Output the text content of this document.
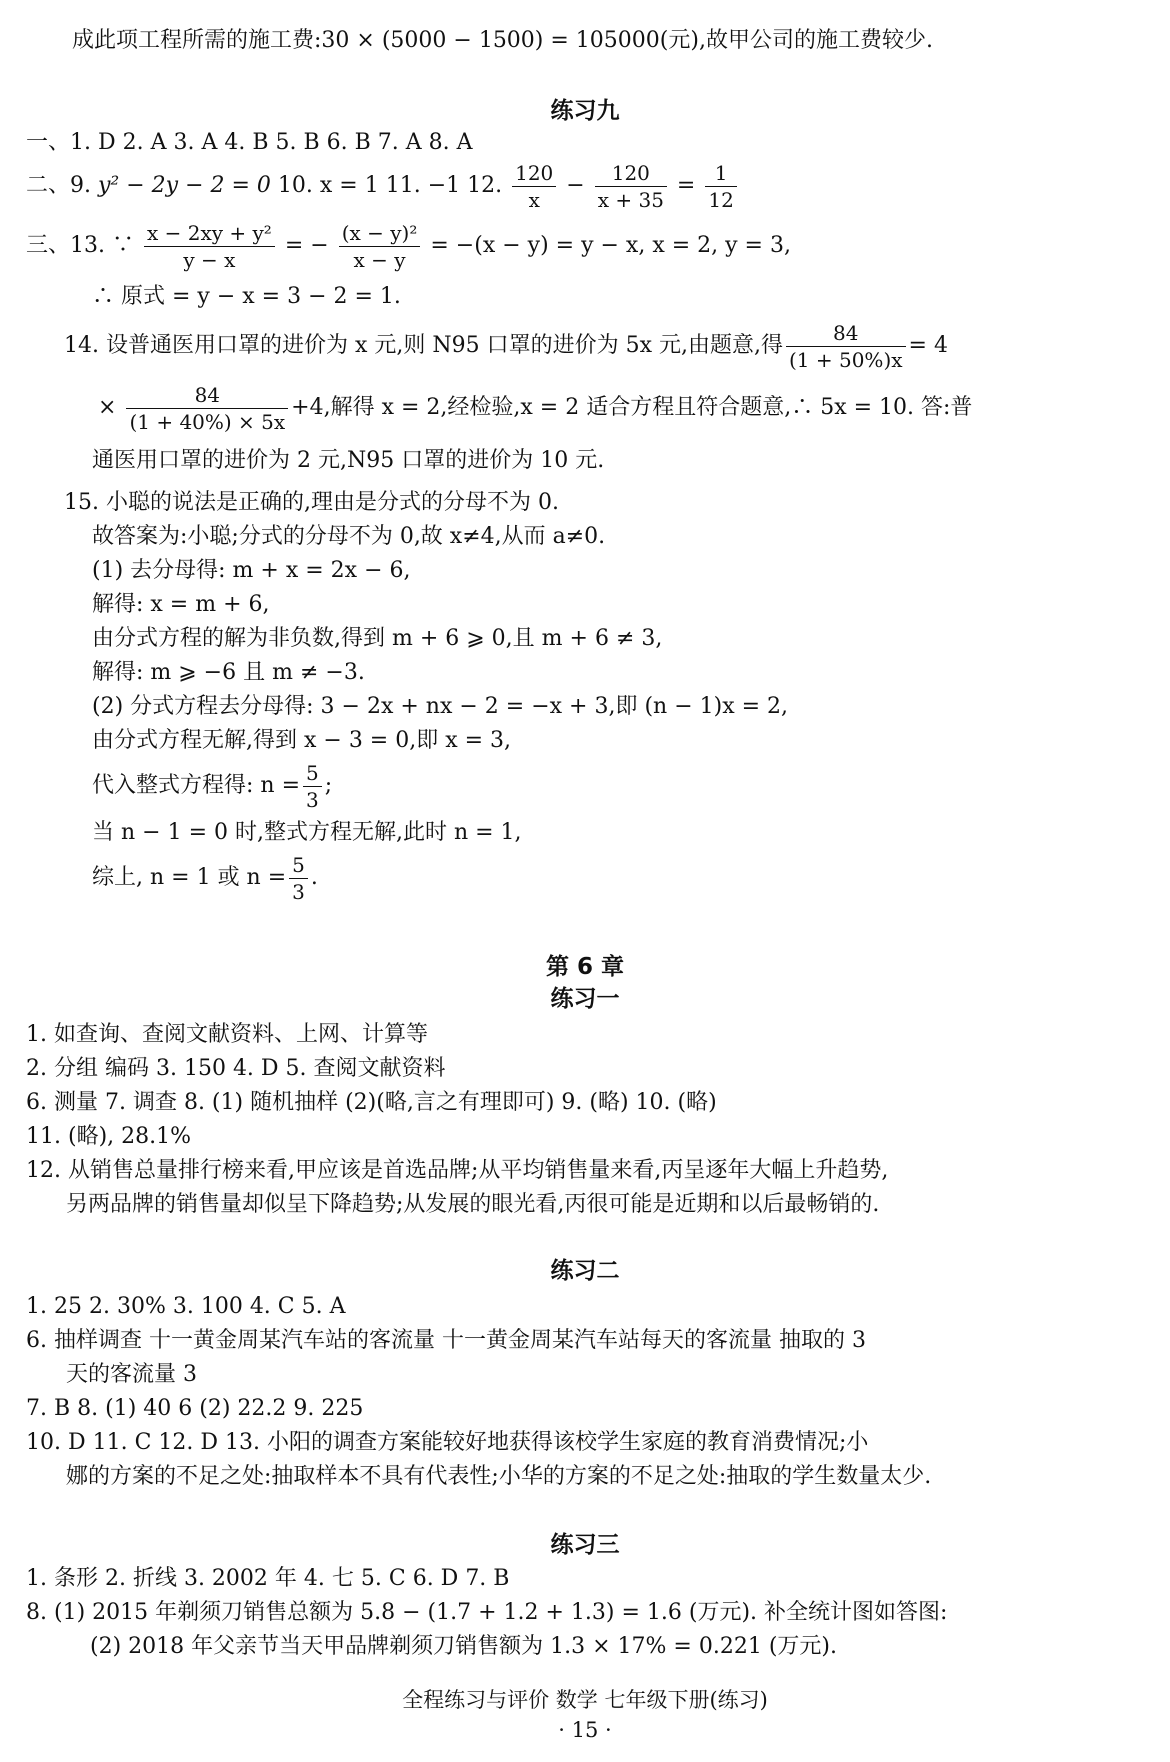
成此项工程所需的施工费:30 × (5000 − 1500) = 105000(元),故甲公司的施工费较少.
练习九
一、1. D 2. A 3. A 4. B 5. B 6. B 7. A 8. A
二、9. y² − 2y − 2 = 0 10. x = 1 11. −1 12. $\frac{120}{x} - \frac{120}{x + 35} = \frac{1}{12}$
三、13. ∵ $\frac{\text{x − 2xy + y²}}{y - x}$ = − $\frac{\text{(x − y)²}}{x - y} = -(x - y) = y - x$, x = 2, y = 3,
∴ 原式 = y − x = 3 − 2 = 1.
14. 设普通医用口罩的进价为 x 元,则 N95 口罩的进价为 5x 元,由题意,得 $\frac{84}{(1 + 50\%)x} = 4$
× $\frac{84}{(1 + 40\%) \times 5x} +4$,解得 x = 2,经检验,x = 2 适合方程且符合题意,∴ 5x = 10. 答:普
通医用口罩的进价为 2 元,N95 口罩的进价为 10 元.
15. 小聪的说法是正确的,理由是分式的分母不为 0.
故答案为:小聪;分式的分母不为 0,故 x≠4,从而 a≠0.
(1) 去分母得: m + x = 2x − 6,
解得: x = m + 6,
由分式方程的解为非负数,得到 m + 6 ⩾ 0,且 m + 6 ≠ 3,
解得: m ⩾ −6 且 m ≠ −3.
(2) 分式方程去分母得: 3 − 2x + nx − 2 = −x + 3,即 (n − 1)x = 2,
由分式方程无解,得到 x − 3 = 0,即 x = 3,
代入整式方程得: $n = \frac{5}{3}$ ;
当 n − 1 = 0 时,整式方程无解,此时 n = 1,
综上, n = 1 或 $n = \frac{5}{3}$ .
第 6 章
练习一
1. 如查询、查阅文献资料、上网、计算等
2. 分组 编码 3. 150 4. D 5. 查阅文献资料
6. 测量 7. 调查 8. (1) 随机抽样 (2)(略,言之有理即可) 9. (略) 10. (略)
11. (略), 28.1%
12. 从销售总量排行榜来看,甲应该是首选品牌;从平均销售量来看,丙呈逐年大幅上升趋势,
另两品牌的销售量却似呈下降趋势;从发展的眼光看,丙很可能是近期和以后最畅销的.
练习二
1. 25 2. 30% 3. 100 4. C 5. A
6. 抽样调查 十一黄金周某汽车站的客流量 十一黄金周某汽车站每天的客流量 抽取的 3
天的客流量 3
7. B 8. (1) 40 6 (2) 22.2 9. 225
10. D 11. C 12. D 13. 小阳的调查方案能较好地获得该校学生家庭的教育消费情况;小
娜的方案的不足之处:抽取样本不具有代表性;小华的方案的不足之处:抽取的学生数量太少.
练习三
1. 条形 2. 折线 3. 2002 年 4. 七 5. C 6. D 7. B
8. (1) 2015 年剃须刀销售总额为 5.8 − (1.7 + 1.2 + 1.3) = 1.6 (万元). 补全统计图如答图:
(2) 2018 年父亲节当天甲品牌剃须刀销售额为 1.3 × 17% = 0.221 (万元).
全程练习与评价 数学 七年级下册(练习)
· 15 ·
